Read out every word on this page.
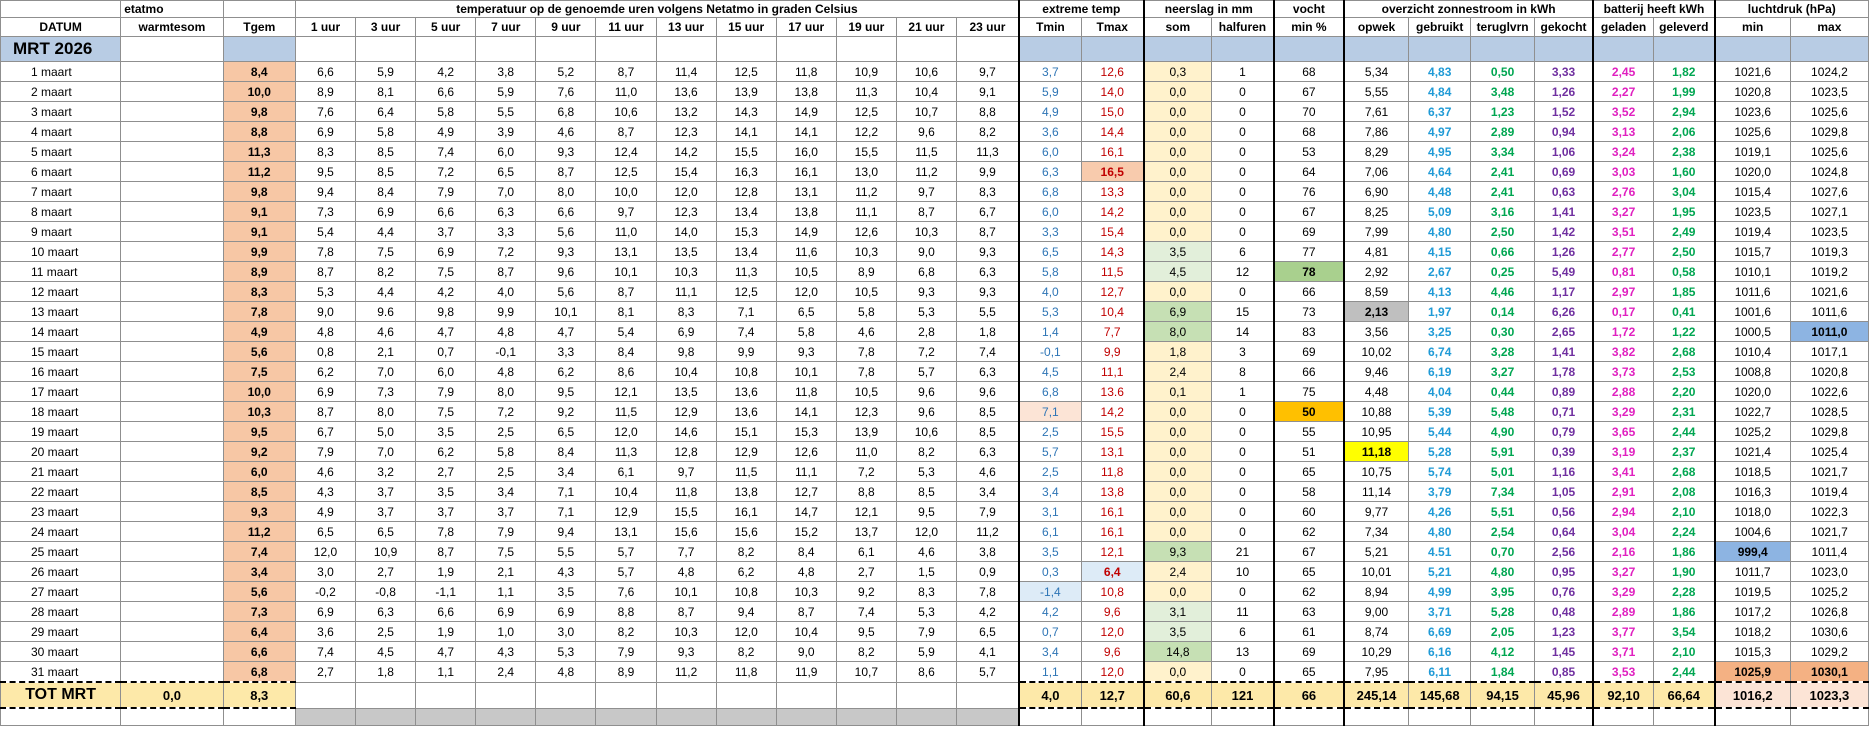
	etatmo		temperatuur op de genoemde uren volgens Netatmo in graden Celsius												extreme temp		neerslag in mm		vocht	overzicht zonnestroom in kWh				batterij heeft kWh		luchtdruk (hPa)	
DATUM	warmtesom	Tgem	1 uur	3 uur	5 uur	7 uur	9 uur	11 uur	13 uur	15 uur	17 uur	19 uur	21 uur	23 uur	Tmin	Tmax	som	halfuren	min %	opwek	gebruikt	teruglvrn	gekocht	geladen	geleverd	min	max
MRT 2026																											
1 maart		8,4	6,6	5,9	4,2	3,8	5,2	8,7	11,4	12,5	11,8	10,9	10,6	9,7	3,7	12,6	0,3	1	68	5,34	4,83	0,50	3,33	2,45	1,82	1021,6	1024,2
2 maart		10,0	8,9	8,1	6,6	5,9	7,6	11,0	13,6	13,9	13,8	11,3	10,4	9,1	5,9	14,0	0,0	0	67	5,55	4,84	3,48	1,26	2,27	1,99	1020,8	1023,5
3 maart		9,8	7,6	6,4	5,8	5,5	6,8	10,6	13,2	14,3	14,9	12,5	10,7	8,8	4,9	15,0	0,0	0	70	7,61	6,37	1,23	1,52	3,52	2,94	1023,6	1025,6
4 maart		8,8	6,9	5,8	4,9	3,9	4,6	8,7	12,3	14,1	14,1	12,2	9,6	8,2	3,6	14,4	0,0	0	68	7,86	4,97	2,89	0,94	3,13	2,06	1025,6	1029,8
5 maart		11,3	8,3	8,5	7,4	6,0	9,3	12,4	14,2	15,5	16,0	15,5	11,5	11,3	6,0	16,1	0,0	0	53	8,29	4,95	3,34	1,06	3,24	2,38	1019,1	1025,6
6 maart		11,2	9,5	8,5	7,2	6,5	8,7	12,5	15,4	16,3	16,1	13,0	11,2	9,9	6,3	16,5	0,0	0	64	7,06	4,64	2,41	0,69	3,03	1,60	1020,0	1024,8
7 maart		9,8	9,4	8,4	7,9	7,0	8,0	10,0	12,0	12,8	13,1	11,2	9,7	8,3	6,8	13,3	0,0	0	76	6,90	4,48	2,41	0,63	2,76	3,04	1015,4	1027,6
8 maart		9,1	7,3	6,9	6,6	6,3	6,6	9,7	12,3	13,4	13,8	11,1	8,7	6,7	6,0	14,2	0,0	0	67	8,25	5,09	3,16	1,41	3,27	1,95	1023,5	1027,1
9 maart		9,1	5,4	4,4	3,7	3,3	5,6	11,0	14,0	15,3	14,9	12,6	10,3	8,7	3,3	15,4	0,0	0	69	7,99	4,80	2,50	1,42	3,51	2,49	1019,4	1023,5
10 maart		9,9	7,8	7,5	6,9	7,2	9,3	13,1	13,5	13,4	11,6	10,3	9,0	9,3	6,5	14,3	3,5	6	77	4,81	4,15	0,66	1,26	2,77	2,50	1015,7	1019,3
11 maart		8,9	8,7	8,2	7,5	8,7	9,6	10,1	10,3	11,3	10,5	8,9	6,8	6,3	5,8	11,5	4,5	12	78	2,92	2,67	0,25	5,49	0,81	0,58	1010,1	1019,2
12 maart		8,3	5,3	4,4	4,2	4,0	5,6	8,7	11,1	12,5	12,0	10,5	9,3	9,3	4,0	12,7	0,0	0	66	8,59	4,13	4,46	1,17	2,97	1,85	1011,6	1021,6
13 maart		7,8	9,0	9.6	9,8	9,9	10,1	8,1	8,3	7,1	6,5	5,8	5,3	5,5	5,3	10,4	6,9	15	73	2,13	1,97	0,14	6,26	0,17	0,41	1001,6	1011,6
14 maart		4,9	4,8	4,6	4,7	4,8	4,7	5,4	6,9	7,4	5,8	4,6	2,8	1,8	1,4	7,7	8,0	14	83	3,56	3,25	0,30	2,65	1,72	1,22	1000,5	1011,0
15 maart		5,6	0,8	2,1	0,7	-0,1	3,3	8,4	9,8	9,9	9,3	7,8	7,2	7,4	-0,1	9,9	1,8	3	69	10,02	6,74	3,28	1,41	3,82	2,68	1010,4	1017,1
16 maart		7,5	6,2	7,0	6,0	4,8	6,2	8,6	10,4	10,8	10,1	7,8	5,7	6,3	4,5	11,1	2,4	8	66	9,46	6,19	3,27	1,78	3,73	2,53	1008,8	1020,8
17 maart		10,0	6,9	7,3	7,9	8,0	9,5	12,1	13,5	13,6	11,8	10,5	9,6	9,6	6,8	13.6	0,1	1	75	4,48	4,04	0,44	0,89	2,88	2,20	1020,0	1022,6
18 maart		10,3	8,7	8,0	7,5	7,2	9,2	11,5	12,9	13,6	14,1	12,3	9,6	8,5	7,1	14,2	0,0	0	50	10,88	5,39	5,48	0,71	3,29	2,31	1022,7	1028,5
19 maart		9,5	6,7	5,0	3,5	2,5	6,5	12,0	14,6	15,1	15,3	13,9	10,6	8,5	2,5	15,5	0,0	0	55	10,95	5,44	4,90	0,79	3,65	2,44	1025,2	1029,8
20 maart		9,2	7,9	7,0	6,2	5,8	8,4	11,3	12,8	12,9	12,6	11,0	8,2	6,3	5,7	13,1	0,0	0	51	11,18	5,28	5,91	0,39	3,19	2,37	1021,4	1025,4
21 maart		6,0	4,6	3,2	2,7	2,5	3,4	6,1	9,7	11,5	11,1	7,2	5,3	4,6	2,5	11,8	0,0	0	65	10,75	5,74	5,01	1,16	3,41	2,68	1018,5	1021,7
22 maart		8,5	4,3	3,7	3,5	3,4	7,1	10,4	11,8	13,8	12,7	8,8	8,5	3,4	3,4	13,8	0,0	0	58	11,14	3,79	7,34	1,05	2,91	2,08	1016,3	1019,4
23 maart		9,3	4,9	3,7	3,7	3,7	7,1	12,9	15,5	16,1	14,7	12,1	9,5	7,9	3,1	16,1	0,0	0	60	9,77	4,26	5,51	0,56	2,94	2,10	1018,0	1022,3
24 maart		11,2	6,5	6,5	7,8	7,9	9,4	13,1	15,6	15,6	15,2	13,7	12,0	11,2	6,1	16,1	0,0	0	62	7,34	4,80	2,54	0,64	3,04	2,24	1004,6	1021,7
25 maart		7,4	12,0	10,9	8,7	7,5	5,5	5,7	7,7	8,2	8,4	6,1	4,6	3,8	3,5	12,1	9,3	21	67	5,21	4.51	0,70	2,56	2,16	1,86	999,4	1011,4
26 maart		3,4	3,0	2,7	1,9	2,1	4,3	5,7	4,8	6,2	4,8	2,7	1,5	0,9	0,3	6,4	2,4	10	65	10,01	5,21	4,80	0,95	3,27	1,90	1011,7	1023,0
27 maart		5,6	-0,2	-0,8	-1,1	1,1	3,5	7,6	10,1	10,8	10,3	9,2	8,3	7,8	-1,4	10,8	0,0	0	62	8,94	4,99	3,95	0,76	3,29	2,28	1019,5	1025,2
28 maart		7,3	6,9	6,3	6,6	6,9	6,9	8,8	8,7	9,4	8,7	7,4	5,3	4,2	4,2	9,6	3,1	11	63	9,00	3,71	5,28	0,48	2,89	1,86	1017,2	1026,8
29 maart		6,4	3,6	2,5	1,9	1,0	3,0	8,2	10,3	12,0	10,4	9,5	7,9	6,5	0,7	12,0	3,5	6	61	8,74	6,69	2,05	1,23	3,77	3,54	1018,2	1030,6
30 maart		6,6	7,4	4,5	4,7	4,3	5,3	7,9	9,3	8,2	9,0	8,2	5,9	4,1	3,4	9,6	14,8	13	69	10,29	6,16	4,12	1,45	3,71	2,10	1015,3	1029,2
31 maart		6,8	2,7	1,8	1,1	2,4	4,8	8,9	11,2	11,8	11,9	10,7	8,6	5,7	1,1	12,0	0,0	0	65	7,95	6,11	1,84	0,85	3,53	2,44	1025,9	1030,1
TOT MRT	0,0	8,3													4,0	12,7	60,6	121	66	245,14	145,68	94,15	45,96	92,10	66,64	1016,2	1023,3
